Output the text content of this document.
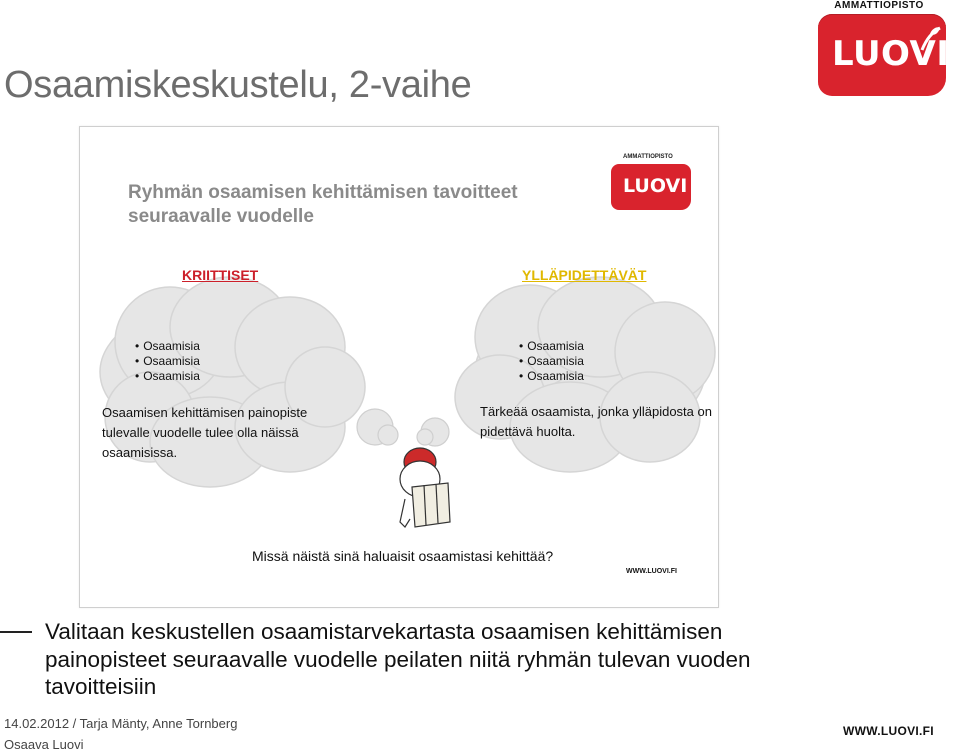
AMMATTIOPISTO
LUOVI
Osaamiskeskustelu, 2-vaihe
Ryhmän osaamisen kehittämisen tavoitteet seuraavalle vuodelle
AMMATTIOPISTO
LUOVI
KRIITTISET	YLLÄPIDETTÄVÄT
• Osaamisia
• Osaamisia
• Osaamisia
Osaamisen kehittämisen painopiste tulevalle vuodelle tulee olla näissä osaamisissa.
• Osaamisia
• Osaamisia
• Osaamisia
Tärkeää osaamista, jonka ylläpidosta on pidettävä huolta.
Missä näistä sinä haluaisit osaamistasi kehittää?
WWW.LUOVI.FI
Valitaan keskustellen osaamistarvekartasta osaamisen kehittämisen painopisteet seuraavalle vuodelle peilaten niitä ryhmän tulevan vuoden tavoitteisiin
14.02.2012 / Tarja Mänty, Anne Tornberg
Osaava Luovi
WWW.LUOVI.FI
